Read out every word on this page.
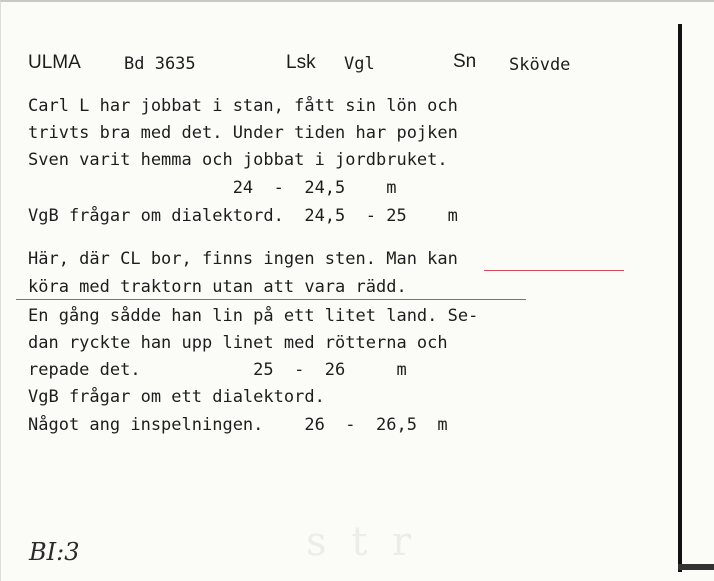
ULMA	Bd 3635	Lsk Vgl	Sn Skövde
Carl L har jobbat i stan, fått sin lön och
trivts bra med det. Under tiden har pojken
Sven varit hemma och jobbat i jordbruket.
24  -  24,5    m
VgB frågar om dialektord.  24,5  - 25    m
Här, där CL bor, finns ingen sten. Man kan
köra med traktorn utan att vara rädd.
En gång sådde han lin på ett litet land. Se-
dan ryckte han upp linet med rötterna och
repade det.           25  -  26     m
VgB frågar om ett dialektord.
Något ang inspelningen.    26  -  26,5  m
s t r
BI:3
